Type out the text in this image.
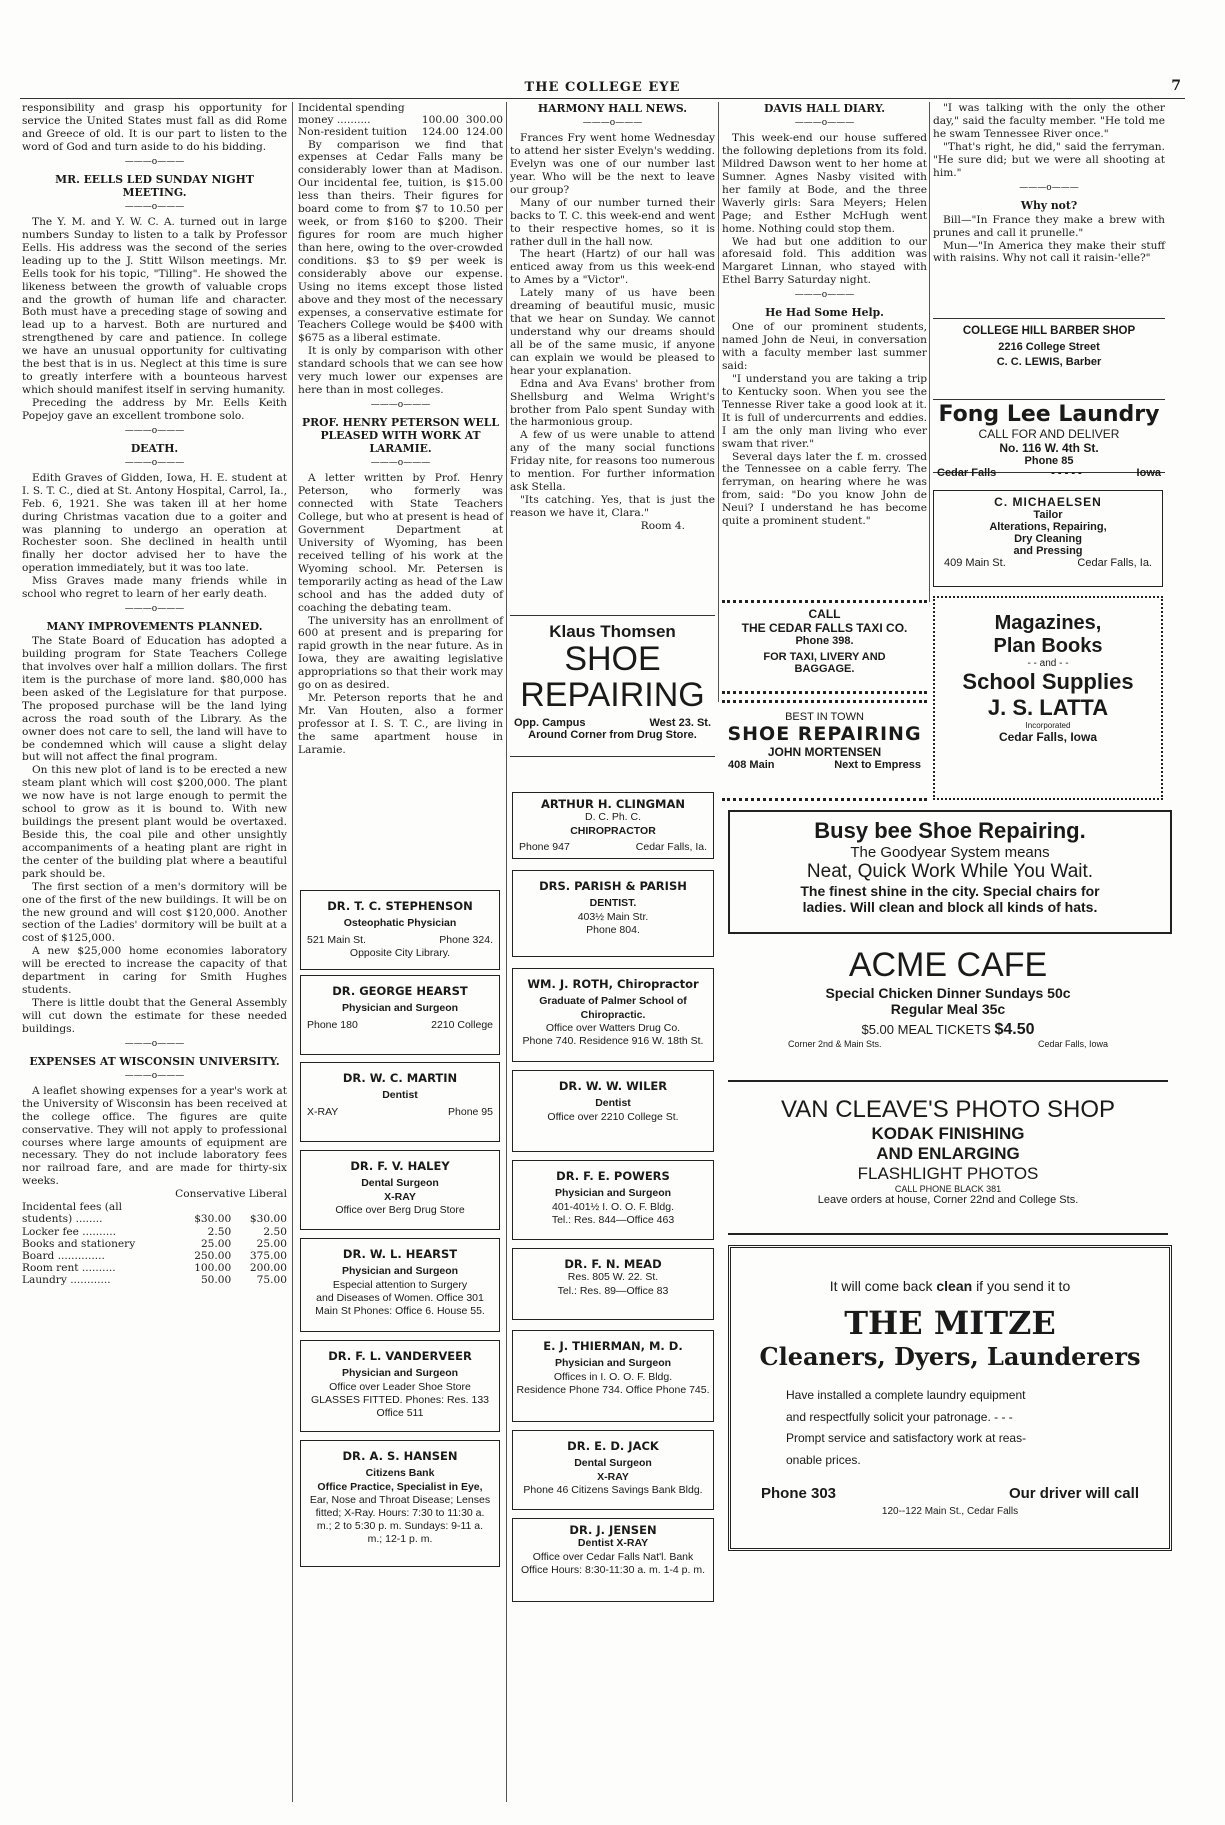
THE COLLEGE EYE	7

responsibility and grasp his opportunity for service the United States must fall as did Rome and Greece of old. It is our part to listen to the word of God and turn aside to do his bidding.

———o———
MR. EELLS LED SUNDAY NIGHT MEETING.
———o———

The Y. M. and Y. W. C. A. turned out in large numbers Sunday to listen to a talk by Professor Eells. His address was the second of the series leading up to the J. Stitt Wilson meetings. Mr. Eells took for his topic, "Tilling". He showed the likeness between the growth of valuable crops and the growth of human life and character. Both must have a preceding stage of sowing and lead up to a harvest. Both are nurtured and strengthened by care and patience. In college we have an unusual opportunity for cultivating the best that is in us. Neglect at this time is sure to greatly interfere with a bounteous harvest which should manifest itself in serving humanity.

Preceding the address by Mr. Eells Keith Popejoy gave an excellent trombone solo.

———o———
DEATH.
———o———

Edith Graves of Gidden, Iowa, H. E. student at I. S. T. C., died at St. Antony Hospital, Carrol, Ia., Feb. 6, 1921. She was taken ill at her home during Christmas vacation due to a goiter and was planning to undergo an operation at Rochester soon. She declined in health until finally her doctor advised her to have the operation immediately, but it was too late.

Miss Graves made many friends while in school who regret to learn of her early death.

———o———
MANY IMPROVEMENTS PLANNED.

The State Board of Education has adopted a building program for State Teachers College that involves over half a million dollars. The first item is the purchase of more land. $80,000 has been asked of the Legislature for that purpose. The proposed purchase will be the land lying across the road south of the Library. As the owner does not care to sell, the land will have to be condemned which will cause a slight delay but will not affect the final program.

On this new plot of land is to be erected a new steam plant which will cost $200,000. The plant we now have is not large enough to permit the school to grow as it is bound to. With new buildings the present plant would be overtaxed. Beside this, the coal pile and other unsightly accompaniments of a heating plant are right in the center of the building plat where a beautiful park should be.

The first section of a men's dormitory will be one of the first of the new buildings. It will be on the new ground and will cost $120,000. Another section of the Ladies' dormitory will be built at a cost of $125,000.

A new $25,000 home economies laboratory will be erected to increase the capacity of that department in caring for Smith Hughes students.

There is little doubt that the General Assembly will cut down the estimate for these needed buildings.

———o———
EXPENSES AT WISCONSIN UNIVERSITY.
———o———

A leaflet showing expenses for a year's work at the University of Wisconsin has been received at the college office. The figures are quite conservative. They will not apply to professional courses where large amounts of equipment are necessary. They do not include laboratory fees nor railroad fare, and are made for thirty-six weeks.

Conservative Liberal
Incidental fees (all		
students) ........	$30.00	$30.00
Locker fee ..........	2.50	2.50
Books and stationery	25.00	25.00
Board ..............	250.00	375.00
Room rent ..........	100.00	200.00
Laundry ............	50.00	75.00
Incidental spending		
money ..........	100.00	300.00
Non-resident tuition	124.00	124.00

By comparison we find that expenses at Cedar Falls many be considerably lower than at Madison. Our incidental fee, tuition, is $15.00 less than theirs. Their figures for board come to from $7 to 10.50 per week, or from $160 to $200. Their figures for room are much higher than here, owing to the over-crowded conditions. $3 to $9 per week is considerably above our expense. Using no items except those listed above and they most of the necessary expenses, a conservative estimate for Teachers College would be $400 with $675 as a liberal estimate.

It is only by comparison with other standard schools that we can see how very much lower our expenses are here than in most colleges.

———o———
PROF. HENRY PETERSON WELL PLEASED WITH WORK AT LARAMIE.
———o———

A letter written by Prof. Henry Peterson, who formerly was connected with State Teachers College, but who at present is head of Government Department at University of Wyoming, has been received telling of his work at the Wyoming school. Mr. Petersen is temporarily acting as head of the Law school and has the added duty of coaching the debating team.

The university has an enrollment of 600 at present and is preparing for rapid growth in the near future. As in Iowa, they are awaiting legislative appropriations so that their work may go on as desired.

Mr. Peterson reports that he and Mr. Van Houten, also a former professor at I. S. T. C., are living in the same apartment house in Laramie.

HARMONY HALL NEWS.
———o———

Frances Fry went home Wednesday to attend her sister Evelyn's wedding. Evelyn was one of our number last year. Who will be the next to leave our group?

Many of our number turned their backs to T. C. this week-end and went to their respective homes, so it is rather dull in the hall now.

The heart (Hartz) of our hall was enticed away from us this week-end to Ames by a "Victor".

Lately many of us have been dreaming of beautiful music, music that we hear on Sunday. We cannot understand why our dreams should all be of the same music, if anyone can explain we would be pleased to hear your explanation.

Edna and Ava Evans' brother from Shellsburg and Welma Wright's brother from Palo spent Sunday with the harmonious group.

A few of us were unable to attend any of the many social functions Friday nite, for reasons too numerous to mention. For further information ask Stella.

"Its catching. Yes, that is just the reason we have it, Clara."

Room 4.
DAVIS HALL DIARY.
———o———

This week-end our house suffered the following depletions from its fold. Mildred Dawson went to her home at Sumner. Agnes Nasby visited with her family at Bode, and the three Waverly girls: Sara Meyers; Helen Page; and Esther McHugh went home. Nothing could stop them.

We had but one addition to our aforesaid fold. This addition was Margaret Linnan, who stayed with Ethel Barry Saturday night.

———o———
He Had Some Help.

One of our prominent students, named John de Neui, in conversation with a faculty member last summer said:

"I understand you are taking a trip to Kentucky soon. When you see the Tennesse River take a good look at it. It is full of undercurrents and eddies. I am the only man living who ever swam that river."

Several days later the f. m. crossed the Tennessee on a cable ferry. The ferryman, on hearing where he was from, said: "Do you know John de Neui? I understand he has become quite a prominent student."

"I was talking with the only the other day," said the faculty member. "He told me he swam Tennessee River once."

"That's right, he did," said the ferryman. "He sure did; but we were all shooting at him."

———o———
Why not?

Bill—"In France they make a brew with prunes and call it prunelle."

Mun—"In America they make their stuff with raisins. Why not call it raisin-'elle?"

COLLEGE HILL BARBER SHOP
2216 College Street
C. C. LEWIS, Barber
Fong Lee Laundry
CALL FOR AND DELIVER
No. 116 W. 4th St.
Phone 85
Cedar Falls	- - - - -	Iowa
C. MICHAELSEN
Tailor
Alterations, Repairing,
Dry Cleaning
and Pressing
409 Main St.	Cedar Falls, Ia.
Magazines,
Plan Books
- - and - -
School Supplies
J. S. LATTA
Incorporated
Cedar Falls, Iowa
CALL
THE CEDAR FALLS TAXI CO.
Phone 398.
FOR TAXI, LIVERY AND
BAGGAGE.
BEST IN TOWN
SHOE REPAIRING
JOHN MORTENSEN
408 Main	Next to Empress
Klaus Thomsen
SHOE
REPAIRING
Opp. Campus	West 23. St.
Around Corner from Drug Store.
Busy bee Shoe Repairing.
The Goodyear System means
Neat, Quick Work While You Wait.
The finest shine in the city. Special chairs for
ladies. Will clean and block all kinds of hats.
ACME CAFE
Special Chicken Dinner Sundays 50c
Regular Meal 35c
$5.00 MEAL TICKETS $4.50
Corner 2nd & Main Sts.	Cedar Falls, Iowa
VAN CLEAVE'S PHOTO SHOP
KODAK FINISHING
AND ENLARGING
FLASHLIGHT PHOTOS
CALL PHONE BLACK 381
Leave orders at house, Corner 22nd and College Sts.
It will come back clean if you send it to
THE MITZE
Cleaners, Dyers, Launderers
Have installed a complete laundry equipment
and respectfully solicit your patronage. - - -
Prompt service and satisfactory work at reas-
onable prices.
Phone 303	Our driver will call
120--122 Main St., Cedar Falls
DR. T. C. STEPHENSON
Osteophatic Physician
521 Main St.	Phone 324.
Opposite City Library.
DR. GEORGE HEARST
Physician and Surgeon
Phone 180	2210 College
DR. W. C. MARTIN
Dentist
X-RAY	Phone 95
DR. F. V. HALEY
Dental Surgeon
X-RAY
Office over Berg Drug Store
DR. W. L. HEARST
Physician and Surgeon
Especial attention to Surgery
and Diseases of Women. Office 301 Main St Phones: Office 6. House 55.
DR. F. L. VANDERVEER
Physician and Surgeon
Office over Leader Shoe Store
GLASSES FITTED. Phones: Res. 133 Office 511
DR. A. S. HANSEN
Citizens Bank
Office Practice, Specialist in Eye,
Ear, Nose and Throat Disease; Lenses fitted; X-Ray. Hours: 7:30 to 11:30 a. m.; 2 to 5:30 p. m. Sundays: 9-11 a. m.; 12-1 p. m.
ARTHUR H. CLINGMAN
D. C. Ph. C.
CHIROPRACTOR
Phone 947	Cedar Falls, Ia.
DRS. PARISH & PARISH
DENTIST.
403½ Main Str.
Phone 804.
WM. J. ROTH, Chiropractor
Graduate of Palmer School of Chiropractic.
Office over Watters Drug Co.
Phone 740. Residence 916 W. 18th St.
DR. W. W. WILER
Dentist
Office over 2210 College St.
DR. F. E. POWERS
Physician and Surgeon
401-401½ I. O. O. F. Bldg.
Tel.: Res. 844—Office 463
DR. F. N. MEAD
Res. 805 W. 22. St.
Tel.: Res. 89—Office 83
E. J. THIERMAN, M. D.
Physician and Surgeon
Offices in I. O. O. F. Bldg.
Residence Phone 734. Office Phone 745.
DR. E. D. JACK
Dental Surgeon
X-RAY
Phone 46 Citizens Savings Bank Bldg.
DR. J. JENSEN
Dentist X-RAY
Office over Cedar Falls Nat'l. Bank
Office Hours: 8:30-11:30 a. m. 1-4 p. m.
